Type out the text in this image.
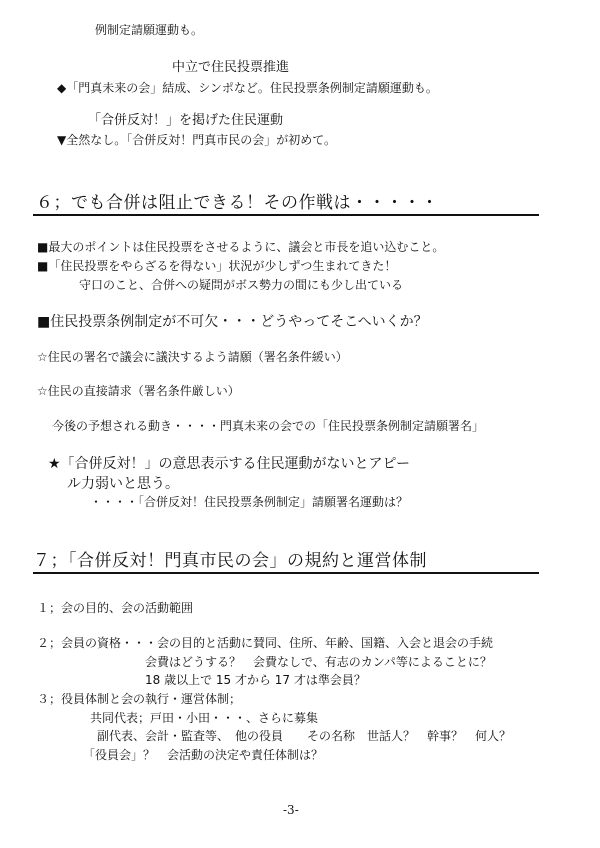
例制定請願運動も。
中立で住民投票推進
◆「門真未来の会」結成、シンポなど。住民投票条例制定請願運動も。
「合併反対！」を掲げた住民運動
▼全然なし。「合併反対！門真市民の会」が初めて。
６；でも合併は阻止できる！その作戦は・・・・・
■最大のポイントは住民投票をさせるように、議会と市長を追い込むこと。
■「住民投票をやらざるを得ない」状況が少しずつ生まれてきた！
守口のこと、合併への疑問がボス勢力の間にも少し出ている
■住民投票条例制定が不可欠・・・どうやってそこへいくか？
☆住民の署名で議会に議決するよう請願（署名条件緩い）
☆住民の直接請求（署名条件厳しい）
今後の予想される動き・・・・門真未来の会での「住民投票条例制定請願署名」
★「合併反対！」の意思表示する住民運動がないとアピー
ル力弱いと思う。
・・・・「合併反対！住民投票条例制定」請願署名運動は？
７；「合併反対！門真市民の会」の規約と運営体制
１；会の目的、会の活動範囲
２；会員の資格・・・会の目的と活動に賛同、住所、年齢、国籍、入会と退会の手続
会費はどうする？　会費なしで、有志のカンパ等によることに？
18 歳以上で 15 才から 17 才は準会員？
３；役員体制と会の執行・運営体制；
共同代表；戸田・小田・・・、さらに募集
副代表、会計・監査等、　他の役員　　その名称　世話人？　幹事？　何人？
「役員会」？　会活動の決定や責任体制は？
-3-
